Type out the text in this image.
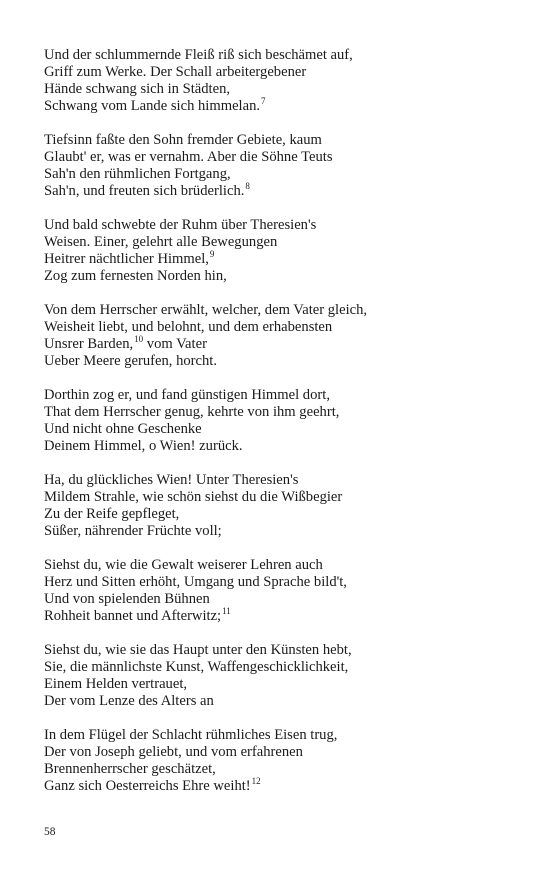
Und der schlummernde Fleiß riß sich beschämet auf,
Griff zum Werke. Der Schall arbeitergebener
Hände schwang sich in Städten,
Schwang vom Lande sich himmelan.$^7$
Tiefsinn faßte den Sohn fremder Gebiete, kaum
Glaubt' er, was er vernahm. Aber die Söhne Teuts
Sah'n den rühmlichen Fortgang,
Sah'n, und freuten sich brüderlich.$^8$
Und bald schwebte der Ruhm über Theresien's
Weisen. Einer, gelehrt alle Bewegungen
Heitrer nächtlicher Himmel,$^9$
Zog zum fernesten Norden hin,
Von dem Herrscher erwählt, welcher, dem Vater gleich,
Weisheit liebt, und belohnt, und dem erhabensten
Unsrer Barden,$^{10}$ vom Vater
Ueber Meere gerufen, horcht.
Dorthin zog er, und fand günstigen Himmel dort,
That dem Herrscher genug, kehrte von ihm geehrt,
Und nicht ohne Geschenke
Deinem Himmel, o Wien! zurück.
Ha, du glückliches Wien! Unter Theresien's
Mildem Strahle, wie schön siehst du die Wißbegier
Zu der Reife gepfleget,
Süßer, nährender Früchte voll;
Siehst du, wie die Gewalt weiserer Lehren auch
Herz und Sitten erhöht, Umgang und Sprache bild't,
Und von spielenden Bühnen
Rohheit bannet und Afterwitz;$^{11}$
Siehst du, wie sie das Haupt unter den Künsten hebt,
Sie, die männlichste Kunst, Waffengeschicklichkeit,
Einem Helden vertrauet,
Der vom Lenze des Alters an
In dem Flügel der Schlacht rühmliches Eisen trug,
Der von Joseph geliebt, und vom erfahrenen
Brennenherrscher geschätzet,
Ganz sich Oesterreichs Ehre weiht!$^{12}$
58
